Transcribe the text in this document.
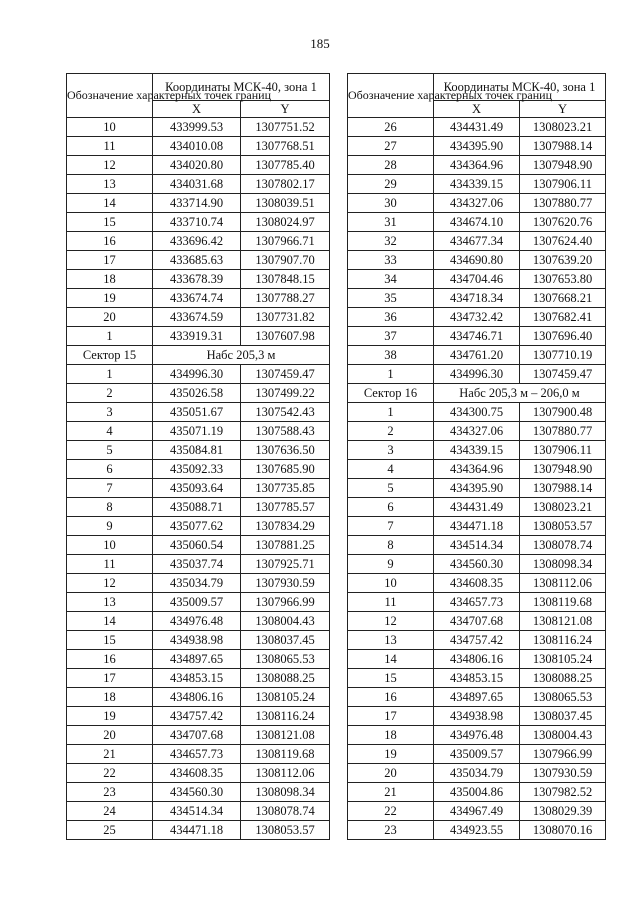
185
Обозначение характерных точек границ	Координаты МСК-40, зона 1	
	X	Y
10	433999.53	1307751.52
11	434010.08	1307768.51
12	434020.80	1307785.40
13	434031.68	1307802.17
14	433714.90	1308039.51
15	433710.74	1308024.97
16	433696.42	1307966.71
17	433685.63	1307907.70
18	433678.39	1307848.15
19	433674.74	1307788.27
20	433674.59	1307731.82
1	433919.31	1307607.98
Сектор 15	Набс 205,3 м	
1	434996.30	1307459.47
2	435026.58	1307499.22
3	435051.67	1307542.43
4	435071.19	1307588.43
5	435084.81	1307636.50
6	435092.33	1307685.90
7	435093.64	1307735.85
8	435088.71	1307785.57
9	435077.62	1307834.29
10	435060.54	1307881.25
11	435037.74	1307925.71
12	435034.79	1307930.59
13	435009.57	1307966.99
14	434976.48	1308004.43
15	434938.98	1308037.45
16	434897.65	1308065.53
17	434853.15	1308088.25
18	434806.16	1308105.24
19	434757.42	1308116.24
20	434707.68	1308121.08
21	434657.73	1308119.68
22	434608.35	1308112.06
23	434560.30	1308098.34
24	434514.34	1308078.74
25	434471.18	1308053.57
Обозначение характерных точек границ	Координаты МСК-40, зона 1	
	X	Y
26	434431.49	1308023.21
27	434395.90	1307988.14
28	434364.96	1307948.90
29	434339.15	1307906.11
30	434327.06	1307880.77
31	434674.10	1307620.76
32	434677.34	1307624.40
33	434690.80	1307639.20
34	434704.46	1307653.80
35	434718.34	1307668.21
36	434732.42	1307682.41
37	434746.71	1307696.40
38	434761.20	1307710.19
1	434996.30	1307459.47
Сектор 16	Набс 205,3 м – 206,0 м	
1	434300.75	1307900.48
2	434327.06	1307880.77
3	434339.15	1307906.11
4	434364.96	1307948.90
5	434395.90	1307988.14
6	434431.49	1308023.21
7	434471.18	1308053.57
8	434514.34	1308078.74
9	434560.30	1308098.34
10	434608.35	1308112.06
11	434657.73	1308119.68
12	434707.68	1308121.08
13	434757.42	1308116.24
14	434806.16	1308105.24
15	434853.15	1308088.25
16	434897.65	1308065.53
17	434938.98	1308037.45
18	434976.48	1308004.43
19	435009.57	1307966.99
20	435034.79	1307930.59
21	435004.86	1307982.52
22	434967.49	1308029.39
23	434923.55	1308070.16
